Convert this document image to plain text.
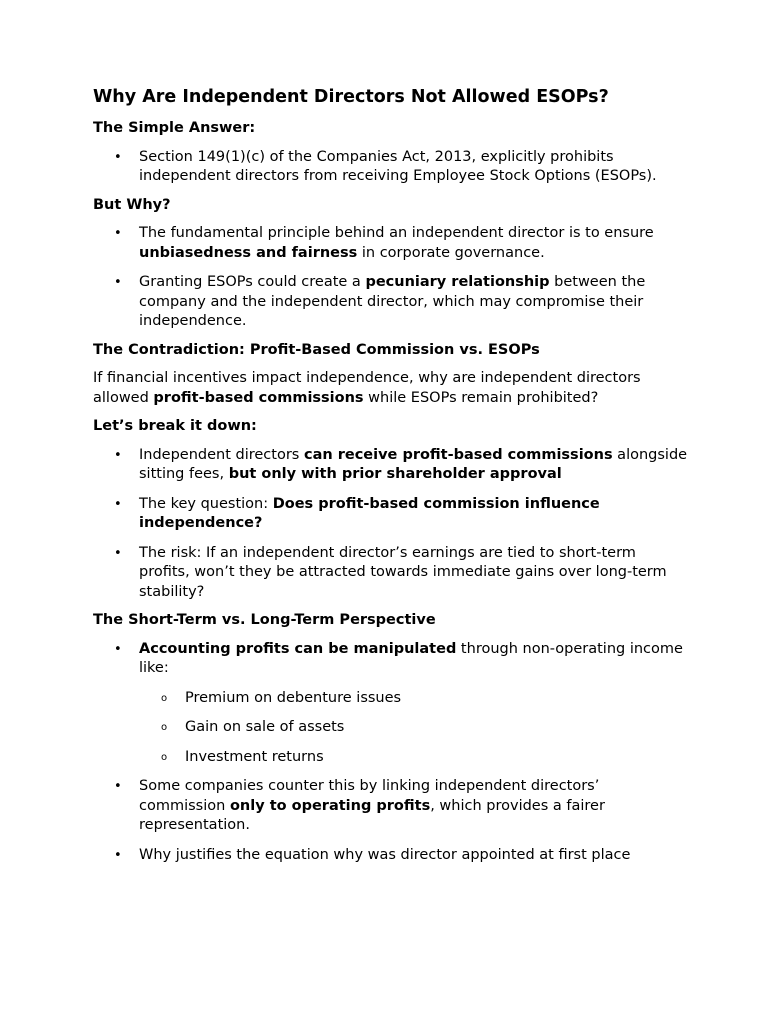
Why Are Independent Directors Not Allowed ESOPs?
The Simple Answer:
• Section 149(1)(c) of the Companies Act, 2013, explicitly prohibits independent directors from receiving Employee Stock Options (ESOPs).
But Why?
• The fundamental principle behind an independent director is to ensure unbiasedness and fairness in corporate governance.
• Granting ESOPs could create a pecuniary relationship between the company and the independent director, which may compromise their independence.
The Contradiction: Profit-Based Commission vs. ESOPs

If financial incentives impact independence, why are independent directors allowed profit-based commissions while ESOPs remain prohibited?

Let’s break it down:
• Independent directors can receive profit-based commissions alongside sitting fees, but only with prior shareholder approval
• The key question: Does profit-based commission influence independence?
• The risk: If an independent director’s earnings are tied to short-term profits, won’t they be attracted towards immediate gains over long-term stability?
The Short-Term vs. Long-Term Perspective
• Accounting profits can be manipulated through non-operating income like:
o Premium on debenture issues
o Gain on sale of assets
o Investment returns
• Some companies counter this by linking independent directors’ commission only to operating profits, which provides a fairer representation.
• Why justifies the equation why was director appointed at first place
